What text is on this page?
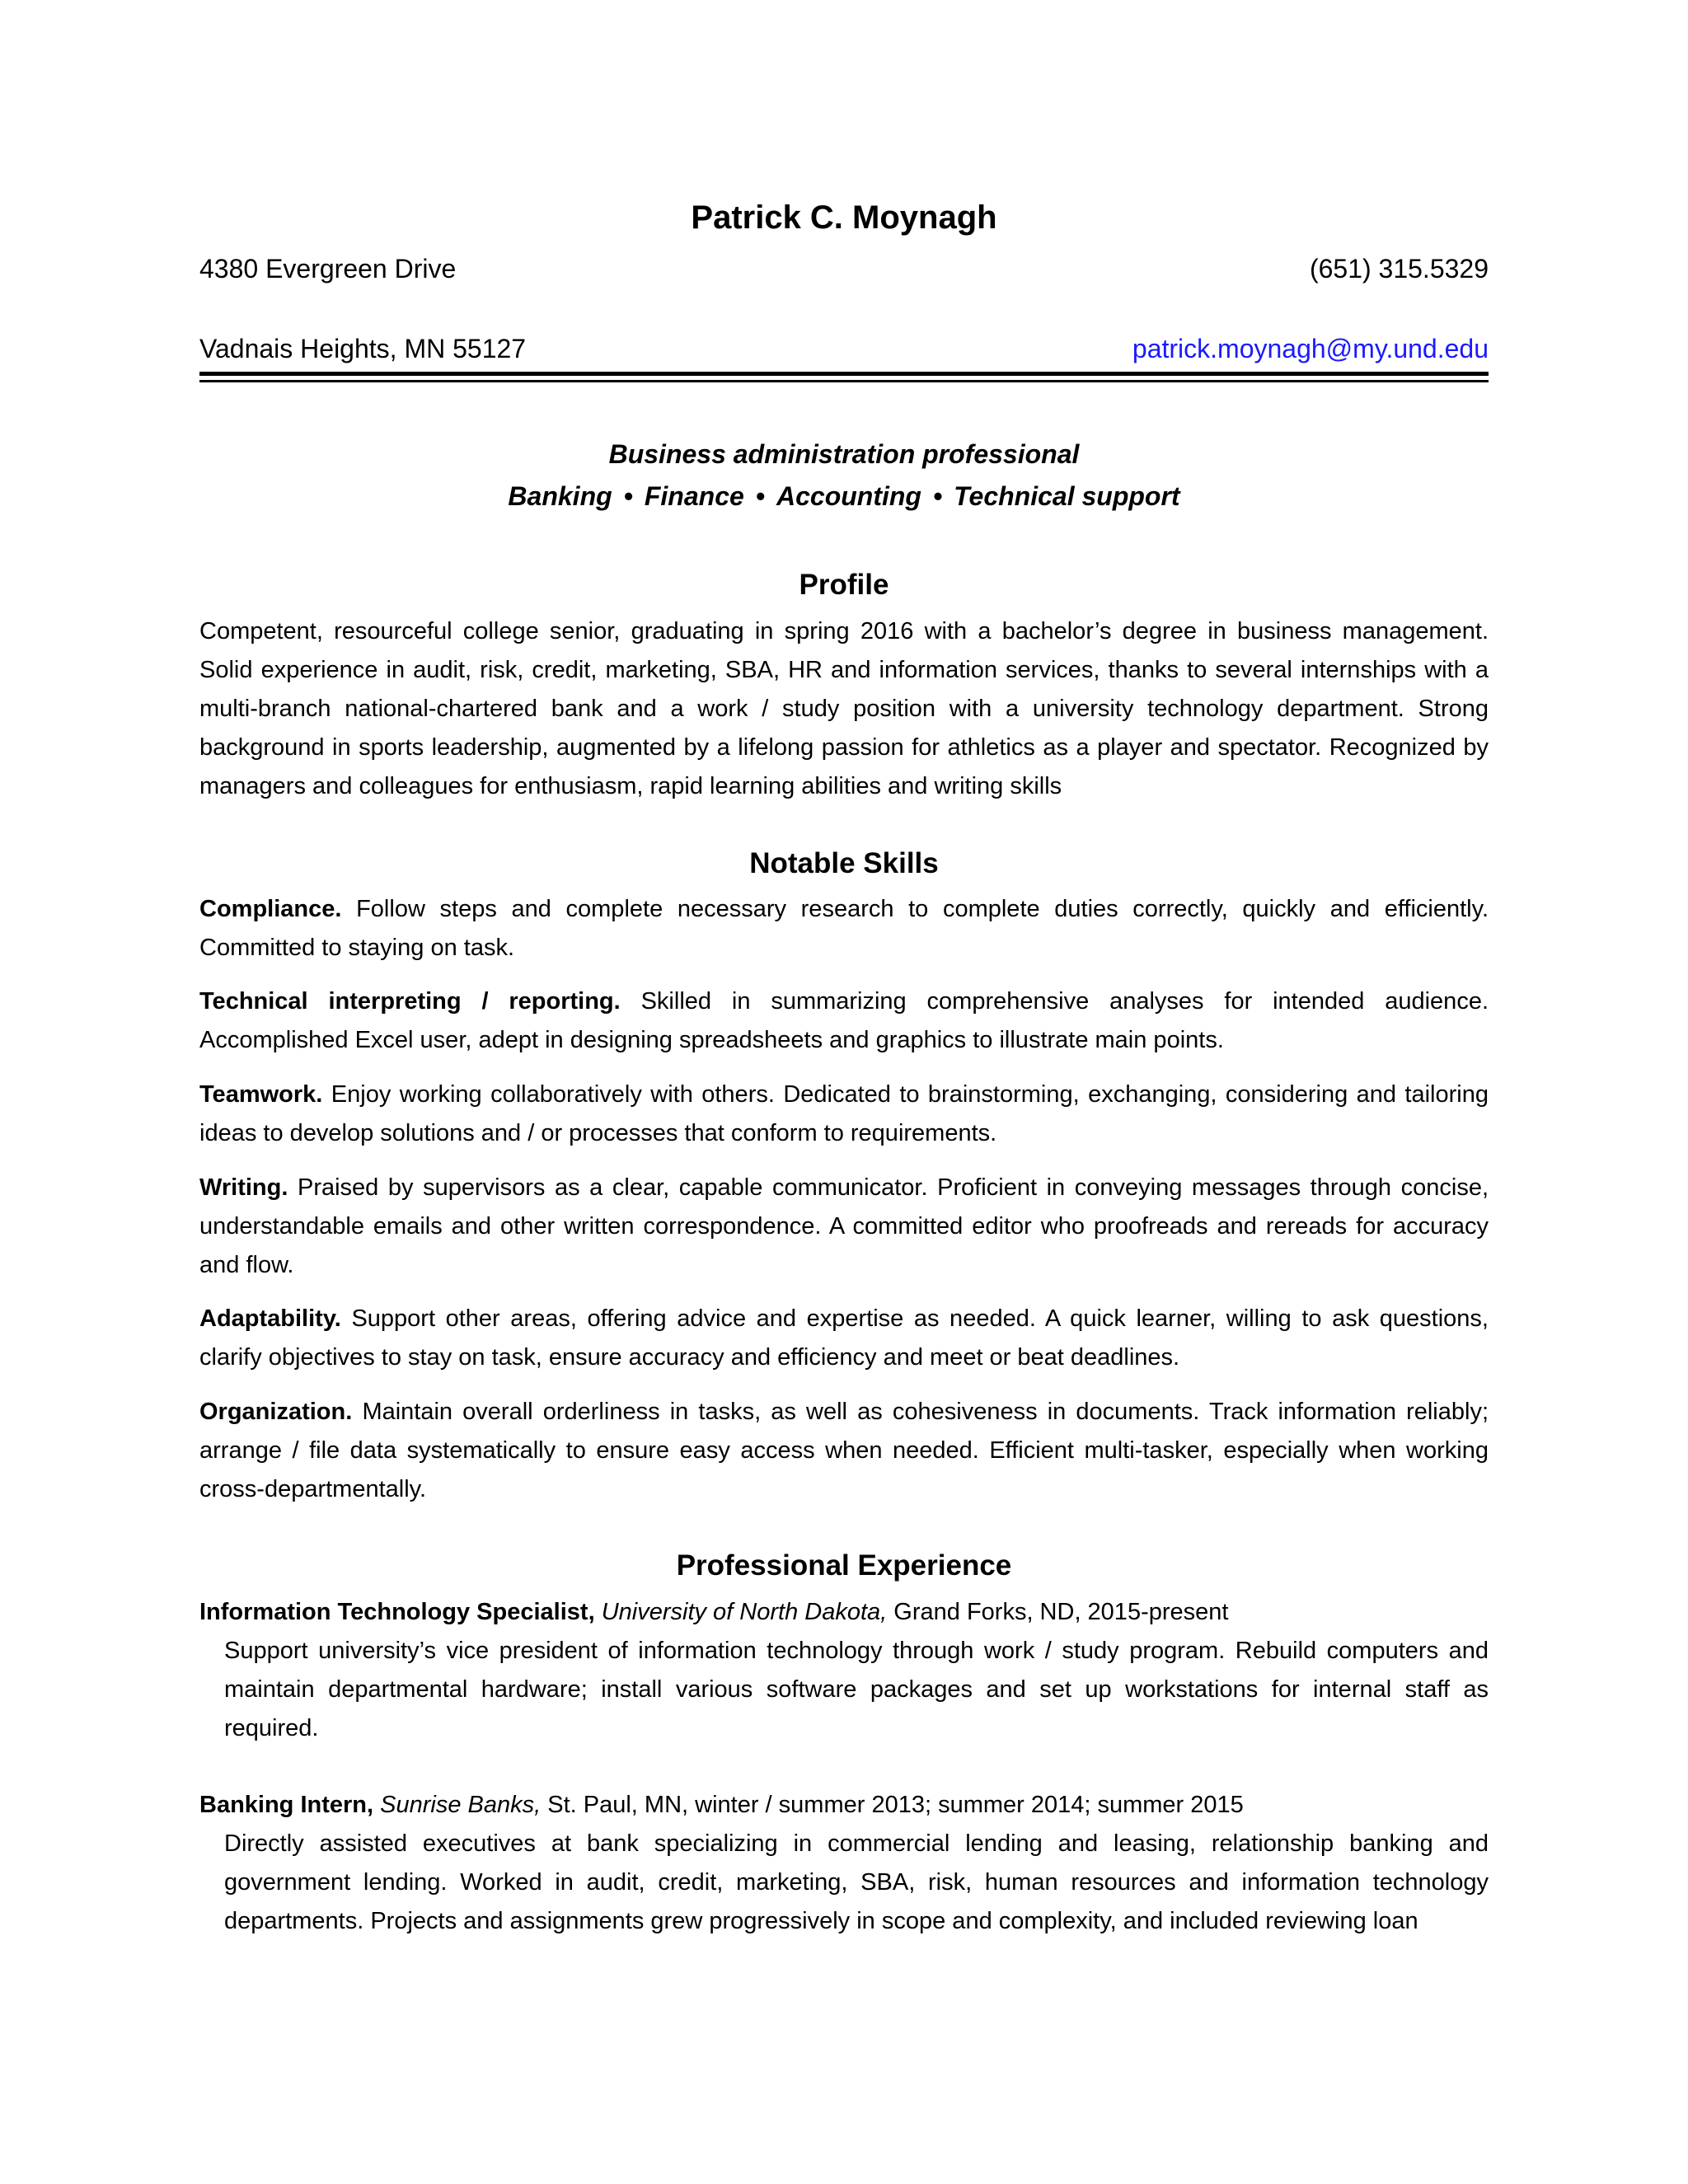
Patrick C. Moynagh
4380 Evergreen Drive	(651) 315.5329
Vadnais Heights, MN 55127	patrick.moynagh@my.und.edu
Business administration professional
Banking • Finance • Accounting • Technical support
Profile
Competent, resourceful college senior, graduating in spring 2016 with a bachelor’s degree in business management. Solid experience in audit, risk, credit, marketing, SBA, HR and information services, thanks to several internships with a multi-branch national-chartered bank and a work / study position with a university technology department. Strong background in sports leadership, augmented by a lifelong passion for athletics as a player and spectator. Recognized by managers and colleagues for enthusiasm, rapid learning abilities and writing skills
Notable Skills
Compliance. Follow steps and complete necessary research to complete duties correctly, quickly and efficiently. Committed to staying on task.
Technical interpreting / reporting. Skilled in summarizing comprehensive analyses for intended audience. Accomplished Excel user, adept in designing spreadsheets and graphics to illustrate main points.
Teamwork. Enjoy working collaboratively with others. Dedicated to brainstorming, exchanging, considering and tailoring ideas to develop solutions and / or processes that conform to requirements.
Writing. Praised by supervisors as a clear, capable communicator. Proficient in conveying messages through concise, understandable emails and other written correspondence. A committed editor who proofreads and rereads for accuracy and flow.
Adaptability. Support other areas, offering advice and expertise as needed. A quick learner, willing to ask questions, clarify objectives to stay on task, ensure accuracy and efficiency and meet or beat deadlines.
Organization. Maintain overall orderliness in tasks, as well as cohesiveness in documents. Track information reliably; arrange / file data systematically to ensure easy access when needed. Efficient multi-tasker, especially when working cross-departmentally.
Professional Experience
Information Technology Specialist, University of North Dakota, Grand Forks, ND, 2015-present
Support university’s vice president of information technology through work / study program. Rebuild computers and maintain departmental hardware; install various software packages and set up workstations for internal staff as required.
Banking Intern, Sunrise Banks, St. Paul, MN, winter / summer 2013; summer 2014; summer 2015
Directly assisted executives at bank specializing in commercial lending and leasing, relationship banking and government lending. Worked in audit, credit, marketing, SBA, risk, human resources and information technology departments. Projects and assignments grew progressively in scope and complexity, and included reviewing loan
